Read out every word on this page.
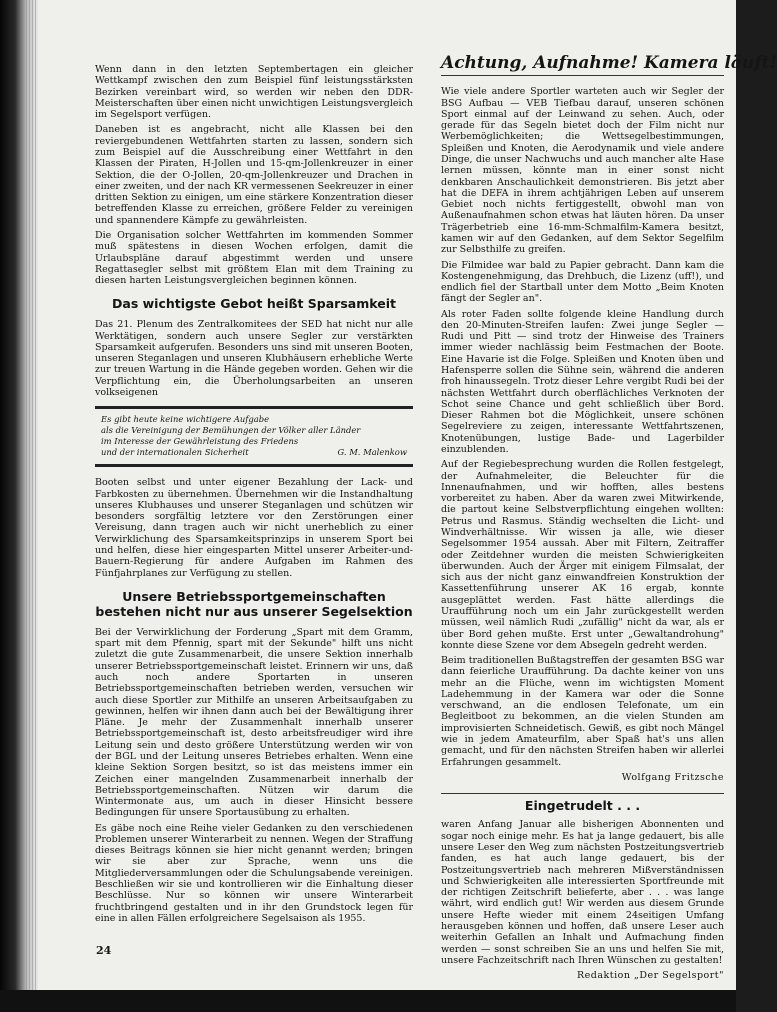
Wenn dann in den letzten Septembertagen ein gleicher Wettkampf zwischen den zum Beispiel fünf leistungsstärksten Bezirken vereinbart wird, so werden wir neben den DDR-Meisterschaften über einen nicht unwichtigen Leistungsvergleich im Segelsport verfügen.

Daneben ist es angebracht, nicht alle Klassen bei den reviergebundenen Wettfahrten starten zu lassen, sondern sich zum Beispiel auf die Ausschreibung einer Wettfahrt in den Klassen der Piraten, H-Jollen und 15-qm-Jollenkreuzer in einer Sektion, die der O-Jollen, 20-qm-Jollenkreuzer und Drachen in einer zweiten, und der nach KR vermessenen Seekreuzer in einer dritten Sektion zu einigen, um eine stärkere Konzentration dieser betreffenden Klasse zu erreichen, größere Felder zu vereinigen und spannendere Kämpfe zu gewährleisten.

Die Organisation solcher Wettfahrten im kommenden Sommer muß spätestens in diesen Wochen erfolgen, damit die Urlaubspläne darauf abgestimmt werden und unsere Regattasegler selbst mit größtem Elan mit dem Training zu diesen harten Leistungsvergleichen beginnen können.

Das wichtigste Gebot heißt Sparsamkeit

Das 21. Plenum des Zentralkomitees der SED hat nicht nur alle Werktätigen, sondern auch unsere Segler zur verstärkten Sparsamkeit aufgerufen. Besonders uns sind mit unseren Booten, unseren Steganlagen und unseren Klubhäusern erhebliche Werte zur treuen Wartung in die Hände gegeben worden. Gehen wir die Verpflichtung ein, die Überholungsarbeiten an unseren volkseigenen

Es gibt heute keine wichtigere Aufgabe
als die Vereinigung der Bemühungen der Völker aller Länder
im Interesse der Gewährleistung des Friedens
und der internationalen Sicherheit	G. M. Malenkow

Booten selbst und unter eigener Bezahlung der Lack- und Farbkosten zu übernehmen. Übernehmen wir die Instandhaltung unseres Klubhauses und unserer Steganlagen und schützen wir besonders sorgfältig letztere vor den Zerstörungen einer Vereisung, dann tragen auch wir nicht unerheblich zu einer Verwirklichung des Sparsamkeitsprinzips in unserem Sport bei und helfen, diese hier eingesparten Mittel unserer Arbeiter-und-Bauern-Regierung für andere Aufgaben im Rahmen des Fünfjahrplanes zur Verfügung zu stellen.

Unsere Betriebssportgemeinschaften
bestehen nicht nur aus unserer Segelsektion

Bei der Verwirklichung der Forderung „Spart mit dem Gramm, spart mit dem Pfennig, spart mit der Sekunde" hilft uns nicht zuletzt die gute Zusammenarbeit, die unsere Sektion innerhalb unserer Betriebssportgemeinschaft leistet. Erinnern wir uns, daß auch noch andere Sportarten in unseren Betriebssportgemeinschaften betrieben werden, versuchen wir auch diese Sportler zur Mithilfe an unseren Arbeitsaufgaben zu gewinnen, helfen wir ihnen dann auch bei der Bewältigung ihrer Pläne. Je mehr der Zusammenhalt innerhalb unserer Betriebssportgemeinschaft ist, desto arbeitsfreudiger wird ihre Leitung sein und desto größere Unterstützung werden wir von der BGL und der Leitung unseres Betriebes erhalten. Wenn eine kleine Sektion Sorgen besitzt, so ist das meistens immer ein Zeichen einer mangelnden Zusammenarbeit innerhalb der Betriebssportgemeinschaften. Nützen wir darum die Wintermonate aus, um auch in dieser Hinsicht bessere Bedingungen für unsere Sportausübung zu erhalten.

Es gäbe noch eine Reihe vieler Gedanken zu den verschiedenen Problemen unserer Winterarbeit zu nennen. Wegen der Straffung dieses Beitrags können sie hier nicht genannt werden; bringen wir sie aber zur Sprache, wenn uns die Mitgliederversammlungen oder die Schulungsabende vereinigen. Beschließen wir sie und kontrollieren wir die Einhaltung dieser Beschlüsse. Nur so können wir unsere Winterarbeit fruchtbringend gestalten und in ihr den Grundstock legen für eine in allen Fällen erfolgreichere Segelsaison als 1955.

Achtung, Aufnahme! Kamera läuft!

Wie viele andere Sportler warteten auch wir Segler der BSG Aufbau — VEB Tiefbau darauf, unseren schönen Sport einmal auf der Leinwand zu sehen. Auch, oder gerade für das Segeln bietet doch der Film nicht nur Werbemöglichkeiten; die Wettsegelbestimmungen, Spleißen und Knoten, die Aerodynamik und viele andere Dinge, die unser Nachwuchs und auch mancher alte Hase lernen müssen, könnte man in einer sonst nicht denkbaren Anschaulichkeit demonstrieren. Bis jetzt aber hat die DEFA in ihrem achtjährigen Leben auf unserem Gebiet noch nichts fertiggestellt, obwohl man von Außenaufnahmen schon etwas hat läuten hören. Da unser Trägerbetrieb eine 16-mm-Schmalfilm-Kamera besitzt, kamen wir auf den Gedanken, auf dem Sektor Segelfilm zur Selbsthilfe zu greifen.

Die Filmidee war bald zu Papier gebracht. Dann kam die Kostengenehmigung, das Drehbuch, die Lizenz (uff!), und endlich fiel der Startball unter dem Motto „Beim Knoten fängt der Segler an".

Als roter Faden sollte folgende kleine Handlung durch den 20-Minuten-Streifen laufen: Zwei junge Segler — Rudi und Pitt — sind trotz der Hinweise des Trainers immer wieder nachlässig beim Festmachen der Boote. Eine Havarie ist die Folge. Spleißen und Knoten üben und Hafensperre sollen die Sühne sein, während die anderen froh hinaussegeln. Trotz dieser Lehre vergibt Rudi bei der nächsten Wettfahrt durch oberflächliches Verknoten der Schot seine Chance und geht schließlich über Bord. Dieser Rahmen bot die Möglichkeit, unsere schönen Segelreviere zu zeigen, interessante Wettfahrtszenen, Knotenübungen, lustige Bade- und Lagerbilder einzublenden.

Auf der Regiebesprechung wurden die Rollen festgelegt, der Aufnahmeleiter, die Beleuchter für die Innenaufnahmen, und wir hofften, alles bestens vorbereitet zu haben. Aber da waren zwei Mitwirkende, die partout keine Selbstverpflichtung eingehen wollten: Petrus und Rasmus. Ständig wechselten die Licht- und Windverhältnisse. Wir wissen ja alle, wie dieser Segelsommer 1954 aussah. Aber mit Filtern, Zeitraffer oder Zeitdehner wurden die meisten Schwierigkeiten überwunden. Auch der Ärger mit einigem Filmsalat, der sich aus der nicht ganz einwandfreien Konstruktion der Kassettenführung unserer AK 16 ergab, konnte ausgeplättet werden. Fast hätte allerdings die Uraufführung noch um ein Jahr zurückgestellt werden müssen, weil nämlich Rudi „zufällig" nicht da war, als er über Bord gehen mußte. Erst unter „Gewaltandrohung" konnte diese Szene vor dem Absegeln gedreht werden.

Beim traditionellen Bußtagstreffen der gesamten BSG war dann feierliche Uraufführung. Da dachte keiner von uns mehr an die Flüche, wenn im wichtigsten Moment Ladehemmung in der Kamera war oder die Sonne verschwand, an die endlosen Telefonate, um ein Begleitboot zu bekommen, an die vielen Stunden am improvisierten Schneidetisch. Gewiß, es gibt noch Mängel wie in jedem Amateurfilm, aber Spaß hat's uns allen gemacht, und für den nächsten Streifen haben wir allerlei Erfahrungen gesammelt.

Wolfgang Fritzsche
Eingetrudelt . . .

waren Anfang Januar alle bisherigen Abonnenten und sogar noch einige mehr. Es hat ja lange gedauert, bis alle unsere Leser den Weg zum nächsten Postzeitungsvertrieb fanden, es hat auch lange gedauert, bis der Postzeitungsvertrieb nach mehreren Mißverständnissen und Schwierigkeiten alle interessierten Sportfreunde mit der richtigen Zeitschrift belieferte, aber . . . was lange währt, wird endlich gut! Wir werden aus diesem Grunde unsere Hefte wieder mit einem 24seitigen Umfang herausgeben können und hoffen, daß unsere Leser auch weiterhin Gefallen an Inhalt und Aufmachung finden werden — sonst schreiben Sie an uns und helfen Sie mit, unsere Fachzeitschrift nach Ihren Wünschen zu gestalten!

Redaktion „Der Segelsport"
24
